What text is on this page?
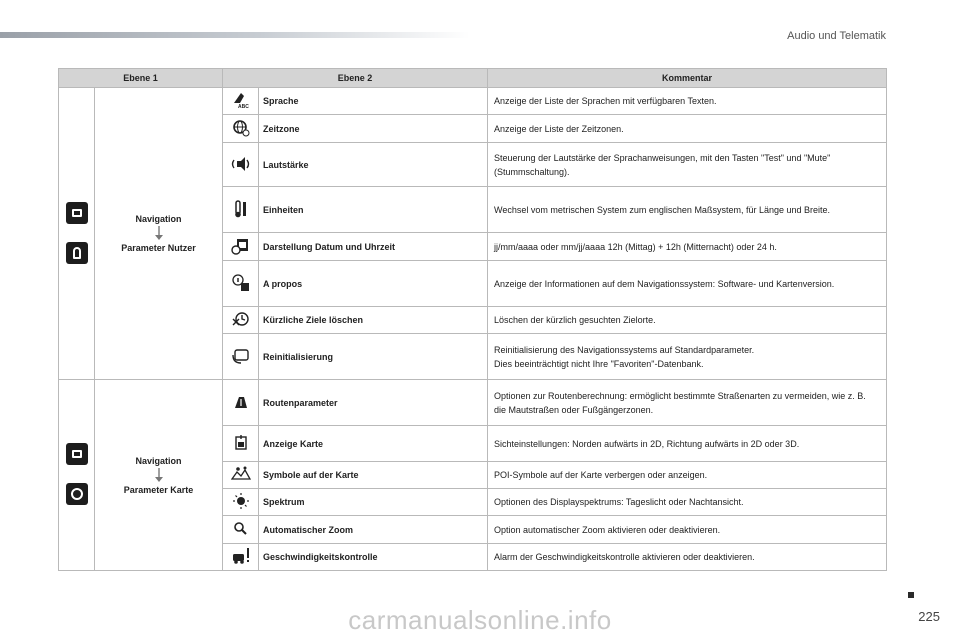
Audio und Telematik
Ebene 1		Ebene 2		Kommentar

	Navigation
Parameter Nutzer	ABC	Sprache	Anzeige der Liste der Sprachen mit verfügbaren Texten.
	Zeitzone	Anzeige der Liste der Zeitzonen.
	Lautstärke	Steuerung der Lautstärke der Sprachanweisungen, mit den Tasten "Test" und "Mute" (Stummschaltung).
	Einheiten	Wechsel vom metrischen System zum englischen Maßsystem, für Länge und Breite.
	Darstellung Datum und Uhrzeit	jj/mm/aaaa oder mm/jj/aaaa 12h (Mittag) + 12h (Mitternacht) oder 24 h.
	A propos	Anzeige der Informationen auf dem Navigationssystem: Software- und Kartenversion.
	Kürzliche Ziele löschen	Löschen der kürzlich gesuchten Zielorte.
	Reinitialisierung	Reinitialisierung des Navigationssystems auf Standardparameter.
Dies beeinträchtigt nicht Ihre "Favoriten"-Datenbank.

	Navigation
Parameter Karte		Routenparameter	Optionen zur Routenberechnung: ermöglicht bestimmte Straßenarten zu vermeiden, wie z. B. die Mautstraßen oder Fußgängerzonen.
	Anzeige Karte	Sichteinstellungen: Norden aufwärts in 2D, Richtung aufwärts in 2D oder 3D.
	Symbole auf der Karte	POI-Symbole auf der Karte verbergen oder anzeigen.
	Spektrum	Optionen des Displayspektrums: Tageslicht oder Nachtansicht.
	Automatischer Zoom	Option automatischer Zoom aktivieren oder deaktivieren.
	Geschwindigkeitskontrolle	Alarm der Geschwindigkeitskontrolle aktivieren oder deaktivieren.
225
carmanualsonline.info
